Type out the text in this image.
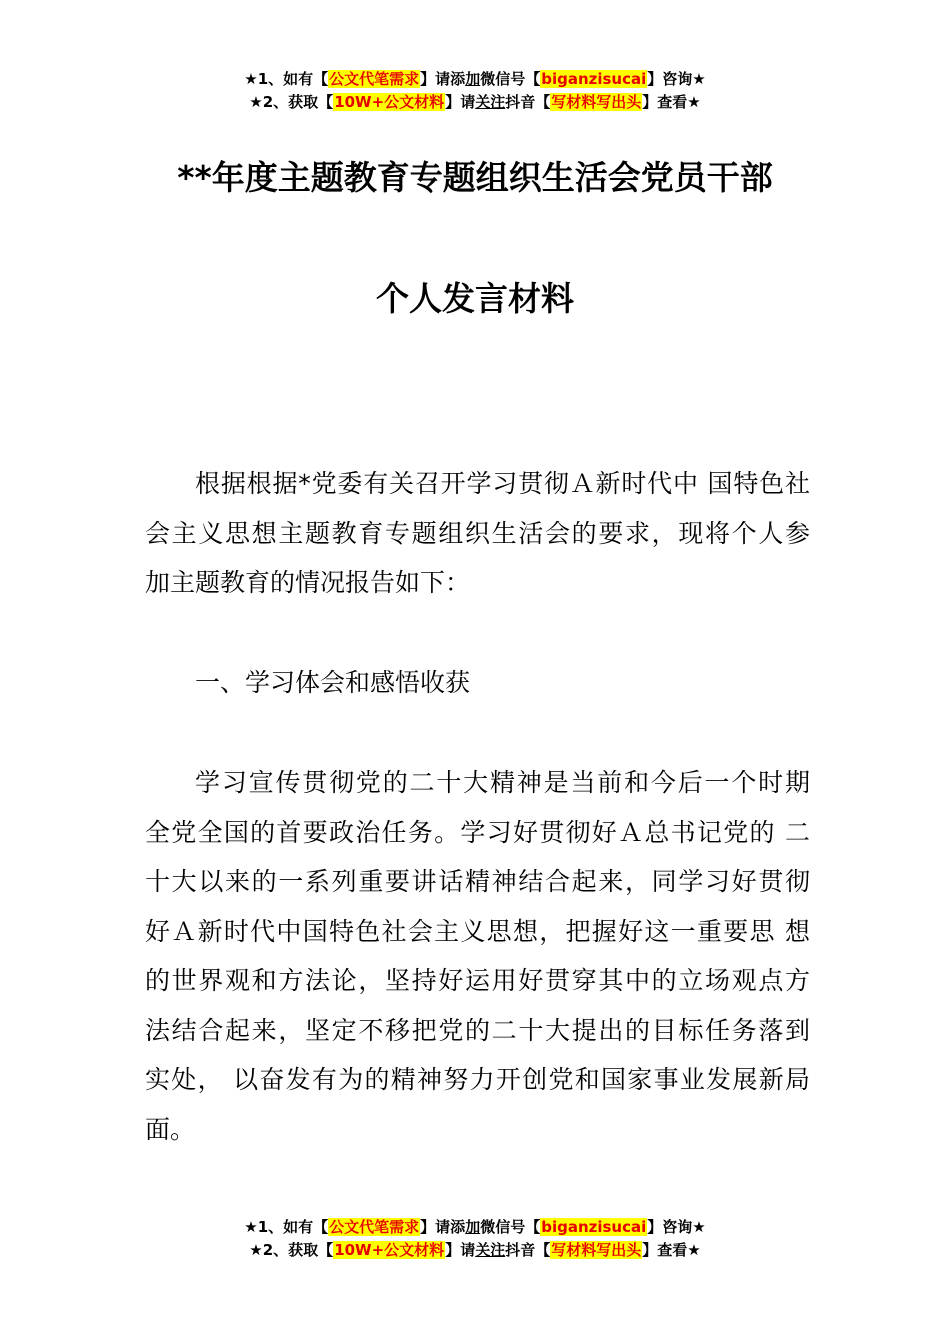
★1、如有【公文代笔需求】请添加微信号【biganzisucai】咨询★
★2、获取【10W+公文材料】请关注抖音【写材料写出头】查看★
**年度主题教育专题组织生活会党员干部
个人发言材料
根据根据*党委有关召开学习贯彻Ａ新时代中 国特色社
会主义思想主题教育专题组织生活会的要求，现将个人参
加主题教育的情况报告如下：
一、学习体会和感悟收获
学习宣传贯彻党的二十大精神是当前和今后一个时期
全党全国的首要政治任务。学习好贯彻好Ａ总书记党的 二
十大以来的一系列重要讲话精神结合起来，同学习好贯彻
好Ａ新时代中国特色社会主义思想，把握好这一重要思 想
的世界观和方法论，坚持好运用好贯穿其中的立场观点方
法结合起来，坚定不移把党的二十大提出的目标任务落到
实处， 以奋发有为的精神努力开创党和国家事业发展新局
面。
★1、如有【公文代笔需求】请添加微信号【biganzisucai】咨询★
★2、获取【10W+公文材料】请关注抖音【写材料写出头】查看★
